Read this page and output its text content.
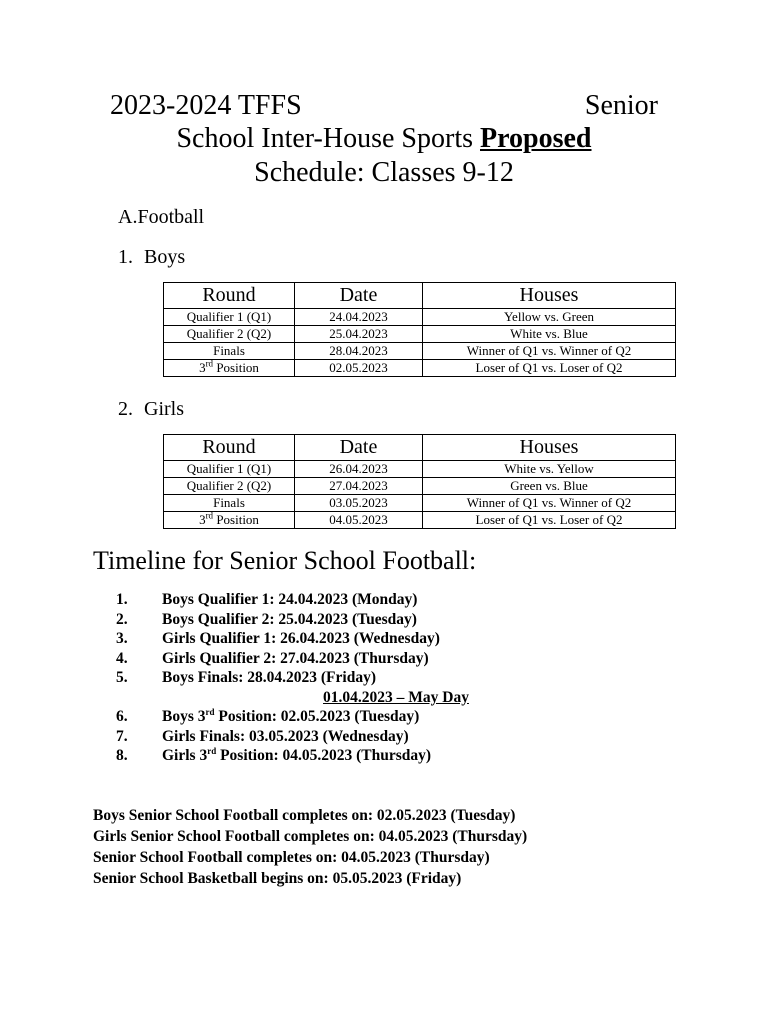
2023-2024 TFFS	Senior
School Inter-House Sports Proposed
Schedule: Classes 9-12
A.Football
1. Boys
Round	Date	Houses
Qualifier 1 (Q1)	24.04.2023	Yellow vs. Green
Qualifier 2 (Q2)	25.04.2023	White vs. Blue
Finals	28.04.2023	Winner of Q1 vs. Winner of Q2
3rd Position	02.05.2023	Loser of Q1 vs. Loser of Q2
2. Girls
Round	Date	Houses
Qualifier 1 (Q1)	26.04.2023	White vs. Yellow
Qualifier 2 (Q2)	27.04.2023	Green vs. Blue
Finals	03.05.2023	Winner of Q1 vs. Winner of Q2
3rd Position	04.05.2023	Loser of Q1 vs. Loser of Q2
Timeline for Senior School Football:
1.	Boys Qualifier 1: 24.04.2023 (Monday)
2.	Boys Qualifier 2: 25.04.2023 (Tuesday)
3.	Girls Qualifier 1: 26.04.2023 (Wednesday)
4.	Girls Qualifier 2: 27.04.2023 (Thursday)
5.	Boys Finals: 28.04.2023 (Friday)
01.04.2023 – May Day
6.	Boys 3rd Position: 02.05.2023 (Tuesday)
7.	Girls Finals: 03.05.2023 (Wednesday)
8.	Girls 3rd Position: 04.05.2023 (Thursday)
Boys Senior School Football completes on: 02.05.2023 (Tuesday)
Girls Senior School Football completes on: 04.05.2023 (Thursday)
Senior School Football completes on: 04.05.2023 (Thursday)
Senior School Basketball begins on: 05.05.2023 (Friday)
